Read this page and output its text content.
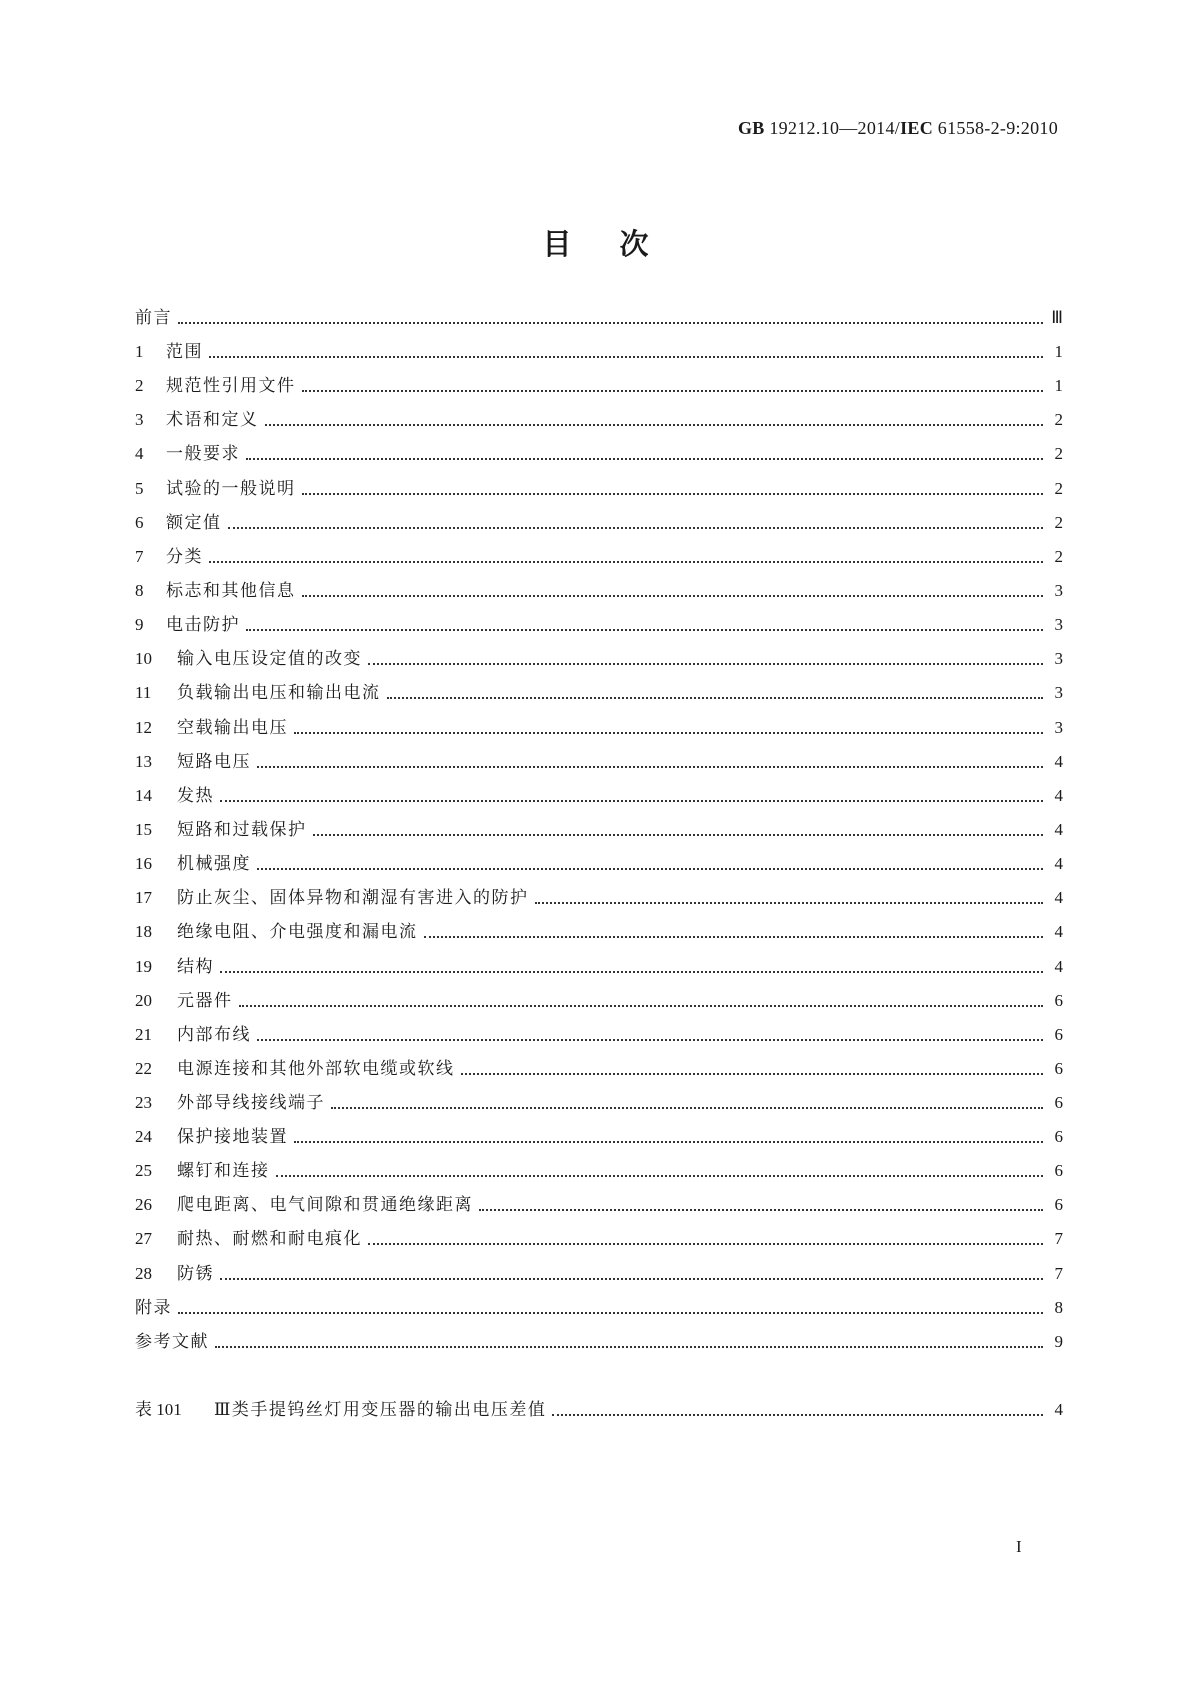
GB 19212.10—2014/IEC 61558-2-9:2010
目次
前言	Ⅲ
1	范围	1
2	规范性引用文件	1
3	术语和定义	2
4	一般要求	2
5	试验的一般说明	2
6	额定值	2
7	分类	2
8	标志和其他信息	3
9	电击防护	3
10	输入电压设定值的改变	3
11	负载输出电压和输出电流	3
12	空载输出电压	3
13	短路电压	4
14	发热	4
15	短路和过载保护	4
16	机械强度	4
17	防止灰尘、固体异物和潮湿有害进入的防护	4
18	绝缘电阻、介电强度和漏电流	4
19	结构	4
20	元器件	6
21	内部布线	6
22	电源连接和其他外部软电缆或软线	6
23	外部导线接线端子	6
24	保护接地装置	6
25	螺钉和连接	6
26	爬电距离、电气间隙和贯通绝缘距离	6
27	耐热、耐燃和耐电痕化	7
28	防锈	7
附录	8
参考文献	9
表 101	Ⅲ类手提钨丝灯用变压器的输出电压差值	4
I
